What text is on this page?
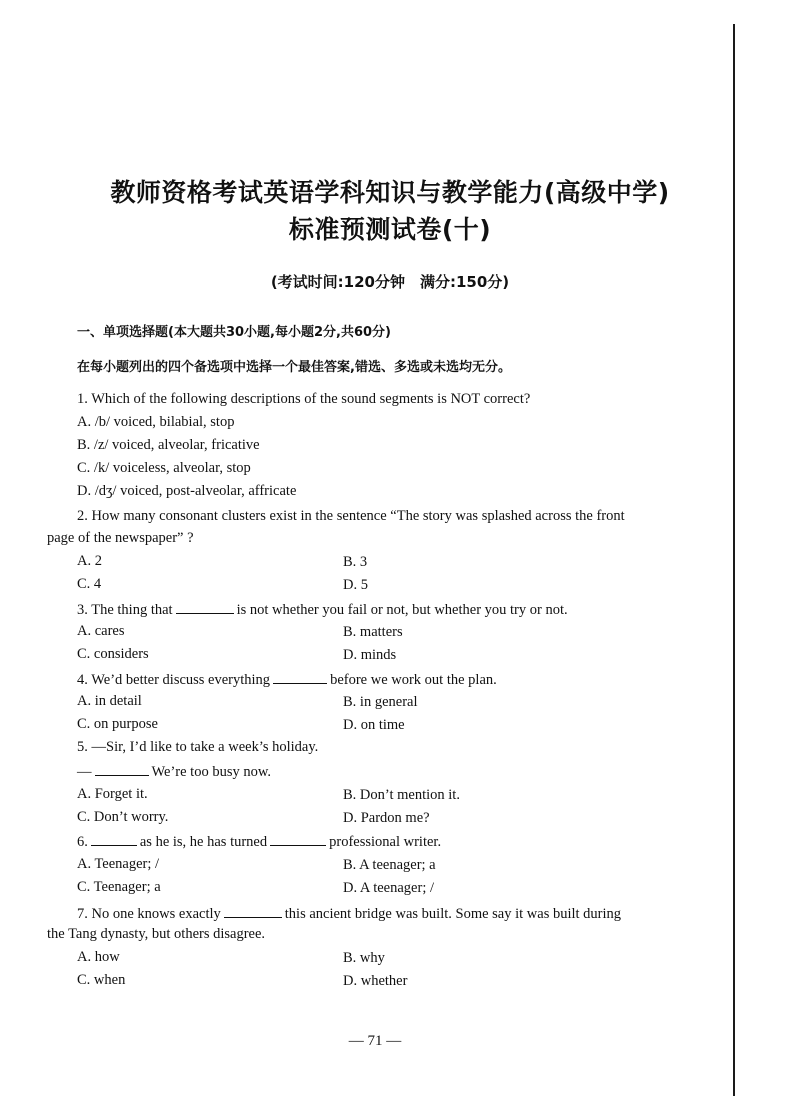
教师资格考试英语学科知识与教学能力(高级中学)
标准预测试卷(十)
(考试时间:120分钟　满分:150分)
一、单项选择题(本大题共30小题,每小题2分,共60分)
在每小题列出的四个备选项中选择一个最佳答案,错选、多选或未选均无分。
1. Which of the following descriptions of the sound segments is NOT correct?
A. /b/ voiced, bilabial, stop
B. /z/ voiced, alveolar, fricative
C. /k/ voiceless, alveolar, stop
D. /dʒ/ voiced, post-alveolar, affricate
2. How many consonant clusters exist in the sentence “The story was splashed across the front
page of the newspaper” ?
A. 2	B. 3
C. 4	D. 5
3. The thing that	is not whether you fail or not, but whether you try or not.
A. cares	B. matters
C. considers	D. minds
4. We’d better discuss everything	before we work out the plan.
A. in detail	B. in general
C. on purpose	D. on time
5. —Sir, I’d like to take a week’s holiday.
—	We’re too busy now.
A. Forget it.	B. Don’t mention it.
C. Don’t worry.	D. Pardon me?
6.	as he is, he has turned	professional writer.
A. Teenager; /	B. A teenager; a
C. Teenager; a	D. A teenager; /
7. No one knows exactly	this ancient bridge was built. Some say it was built during
the Tang dynasty, but others disagree.
A. how	B. why
C. when	D. whether
— 71 —
